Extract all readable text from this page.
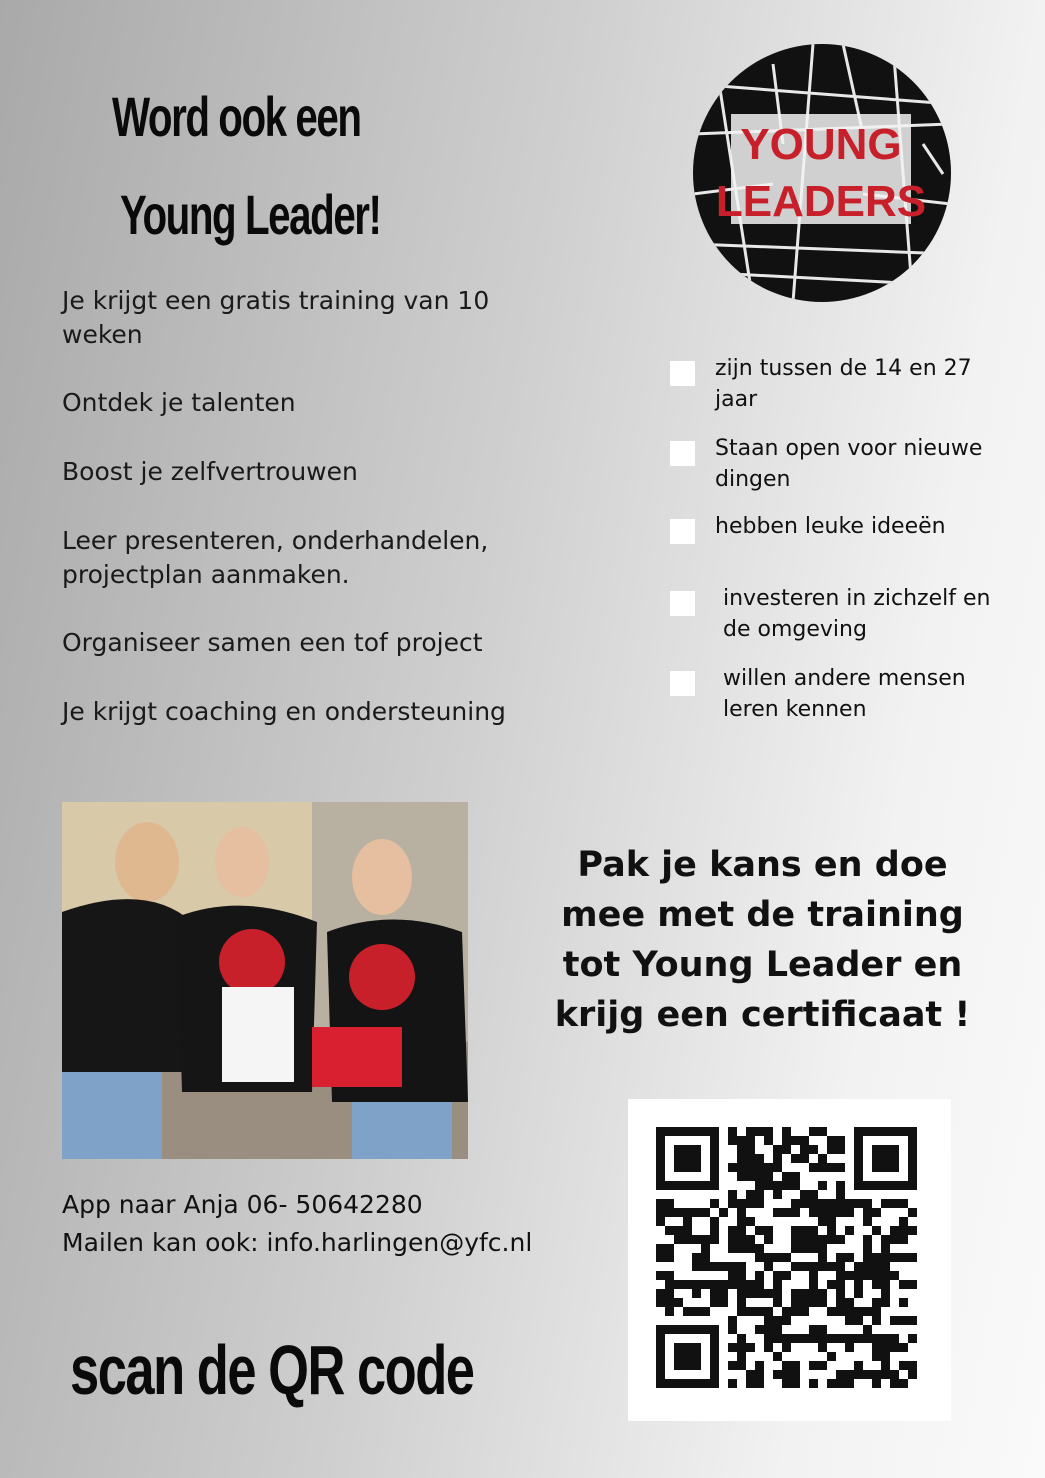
Word ook een
Young Leader!
YOUNG
LEADERS
Je krijgt een gratis training van 10 weken
Ontdek je talenten
Boost je zelfvertrouwen
Leer presenteren, onderhandelen, projectplan aanmaken.
Organiseer samen een tof project
Je krijgt coaching en ondersteuning
zijn tussen de 14 en 27 jaar
Staan open voor nieuwe dingen
hebben leuke ideeën
investeren in zichzelf en de omgeving
willen andere mensen leren kennen
Pak je kans en doe mee met de training tot Young Leader en krijg een certificaat !
App naar Anja 06- 50642280
Mailen kan ook: info.harlingen@yfc.nl
scan de QR code
